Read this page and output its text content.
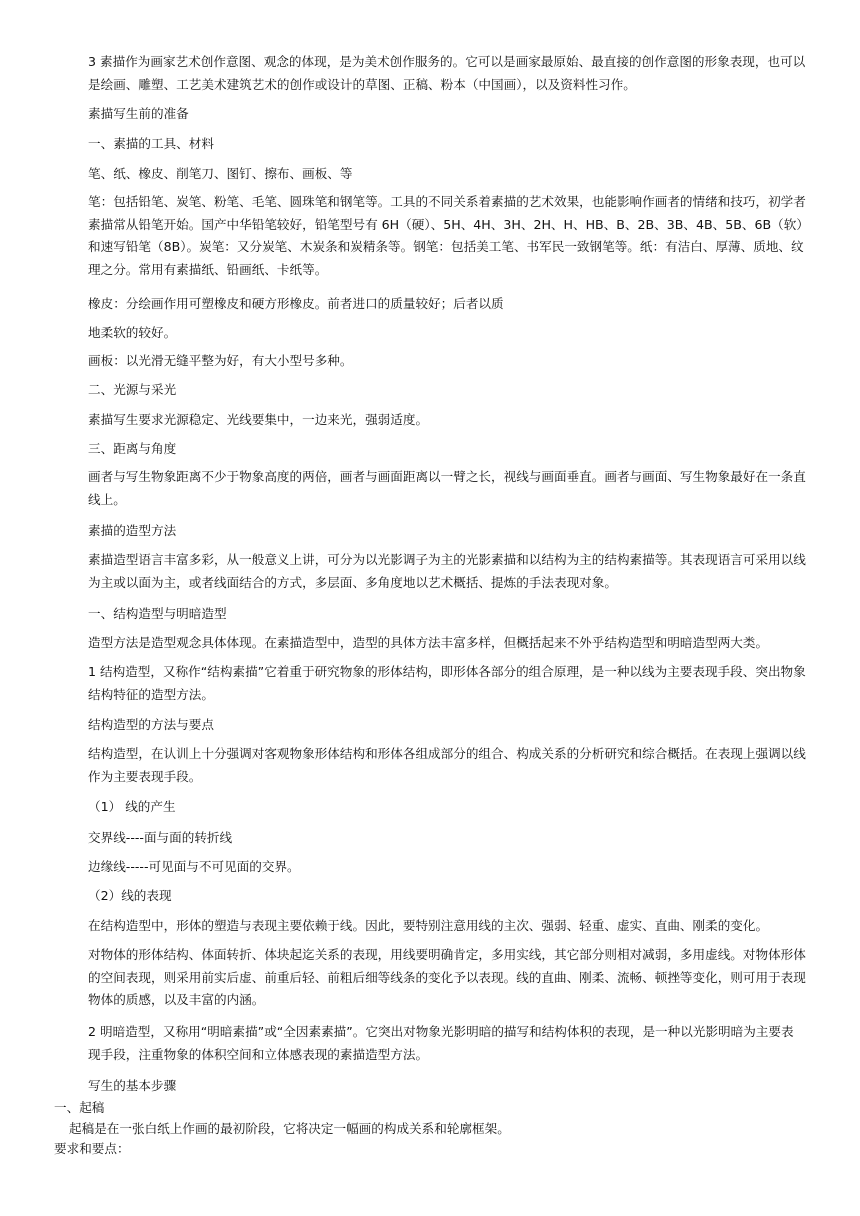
3 素描作为画家艺术创作意图、观念的体现，是为美术创作服务的。它可以是画家最原始、最直接的创作意图的形象表现，也可以是绘画、雕塑、工艺美术建筑艺术的创作或设计的草图、正稿、粉本（中国画），以及资料性习作。

素描写生前的准备

一、素描的工具、材料

笔、纸、橡皮、削笔刀、图钉、擦布、画板、等

笔：包括铅笔、炭笔、粉笔、毛笔、圆珠笔和钢笔等。工具的不同关系着素描的艺术效果，也能影响作画者的情绪和技巧，初学者素描常从铅笔开始。国产中华铅笔较好，铅笔型号有 6H（硬）、5H、4H、3H、2H、H、HB、B、2B、3B、4B、5B、6B（软）和速写铅笔（8B）。炭笔：又分炭笔、木炭条和炭精条等。钢笔：包括美工笔、书军民一致钢笔等。纸：有洁白、厚薄、质地、纹理之分。常用有素描纸、铅画纸、卡纸等。

橡皮：分绘画作用可塑橡皮和硬方形橡皮。前者进口的质量较好；后者以质

地柔软的较好。

画板：以光滑无缝平整为好，有大小型号多种。

二、光源与采光

素描写生要求光源稳定、光线要集中，一边来光，强弱适度。

三、距离与角度

画者与写生物象距离不少于物象高度的两倍，画者与画面距离以一臂之长，视线与画面垂直。画者与画面、写生物象最好在一条直线上。

素描的造型方法

素描造型语言丰富多彩，从一般意义上讲，可分为以光影调子为主的光影素描和以结构为主的结构素描等。其表现语言可采用以线为主或以面为主，或者线面结合的方式，多层面、多角度地以艺术概括、提炼的手法表现对象。

一、结构造型与明暗造型

造型方法是造型观念具体体现。在素描造型中，造型的具体方法丰富多样，但概括起来不外乎结构造型和明暗造型两大类。

1 结构造型，又称作“结构素描”它着重于研究物象的形体结构，即形体各部分的组合原理，是一种以线为主要表现手段、突出物象结构特征的造型方法。

结构造型的方法与要点

结构造型，在认训上十分强调对客观物象形体结构和形体各组成部分的组合、构成关系的分析研究和综合概括。在表现上强调以线作为主要表现手段。

（1） 线的产生

交界线----面与面的转折线

边缘线-----可见面与不可见面的交界。

（2）线的表现

在结构造型中，形体的塑造与表现主要依赖于线。因此，要特别注意用线的主次、强弱、轻重、虚实、直曲、刚柔的变化。

对物体的形体结构、体面转折、体块起迄关系的表现，用线要明确肯定，多用实线，其它部分则相对减弱，多用虚线。对物体形体的空间表现，则采用前实后虚、前重后轻、前粗后细等线条的变化予以表现。线的直曲、刚柔、流畅、顿挫等变化，则可用于表现物体的质感，以及丰富的内涵。

2 明暗造型，又称用“明暗素描”或“全因素素描”。它突出对物象光影明暗的描写和结构体积的表现，是一种以光影明暗为主要表现手段，注重物象的体积空间和立体感表现的素描造型方法。

写生的基本步骤

一、起稿

起稿是在一张白纸上作画的最初阶段，它将决定一幅画的构成关系和轮廓框架。

要求和要点：
